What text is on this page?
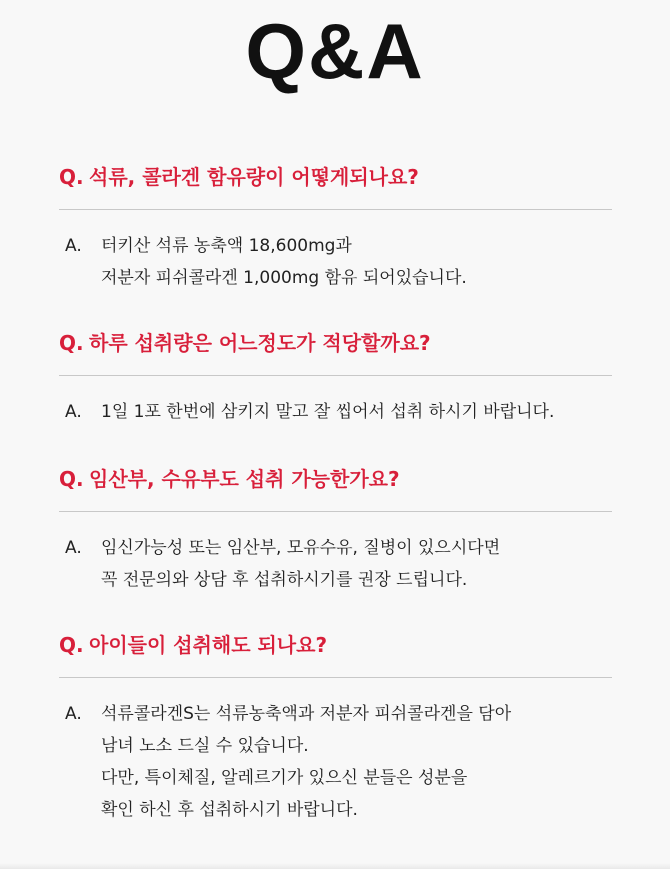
Q&A
Q. 석류, 콜라겐 함유량이 어떻게되나요?
A.	터키산 석류 농축액 18,600mg과
저분자 피쉬콜라겐 1,000mg 함유 되어있습니다.
Q. 하루 섭취량은 어느정도가 적당할까요?
A.	1일 1포 한번에 삼키지 말고 잘 씹어서 섭취 하시기 바랍니다.
Q. 임산부, 수유부도 섭취 가능한가요?
A.	임신가능성 또는 임산부, 모유수유, 질병이 있으시다면
꼭 전문의와 상담 후 섭취하시기를 권장 드립니다.
Q. 아이들이 섭취해도 되나요?
A.	석류콜라겐S는 석류농축액과 저분자 피쉬콜라겐을 담아
남녀 노소 드실 수 있습니다.
다만, 특이체질, 알레르기가 있으신 분들은 성분을
확인 하신 후 섭취하시기 바랍니다.
